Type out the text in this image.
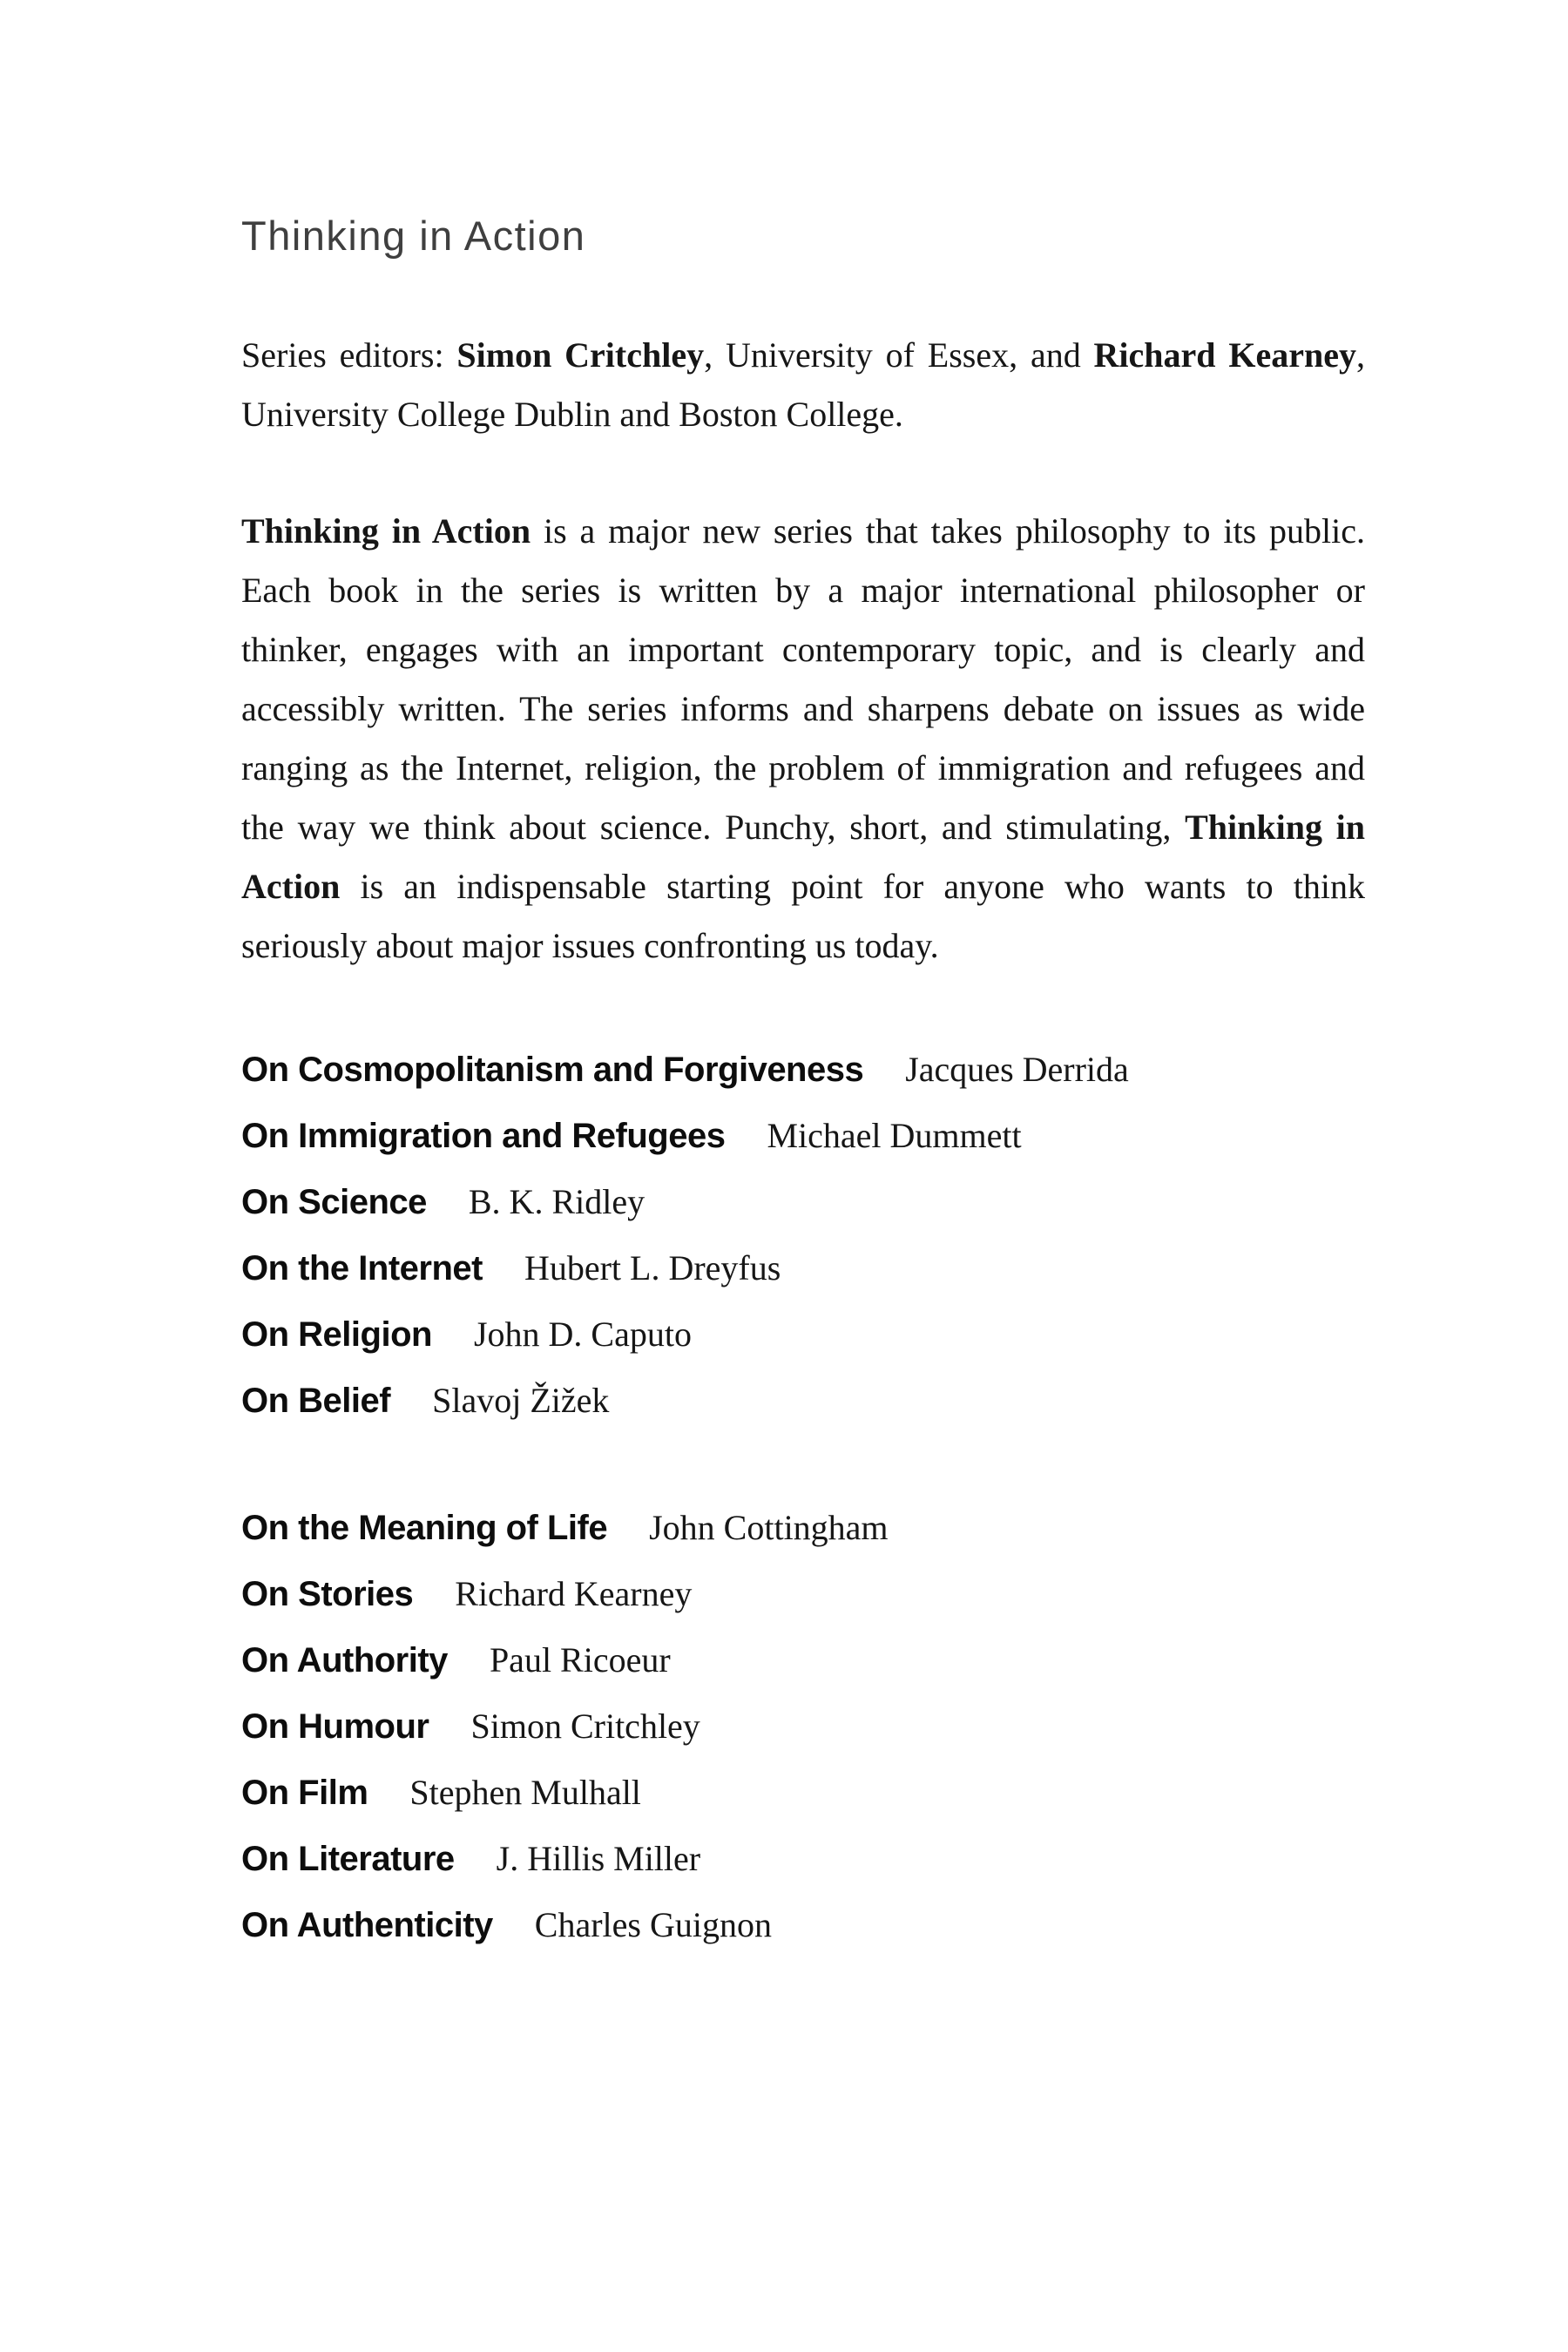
Thinking in Action

Series editors: Simon Critchley, University of Essex, and Richard Kearney, University College Dublin and Boston College.

Thinking in Action is a major new series that takes philosophy to its public. Each book in the series is written by a major international philosopher or thinker, engages with an important contemporary topic, and is clearly and accessibly written. The series informs and sharpens debate on issues as wide ranging as the Internet, religion, the problem of immigration and refugees and the way we think about science. Punchy, short, and stimulating, Thinking in Action is an indispensable starting point for anyone who wants to think seriously about major issues confronting us today.

On Cosmopolitanism and Forgiveness Jacques Derrida
On Immigration and Refugees Michael Dummett
On Science B. K. Ridley
On the Internet Hubert L. Dreyfus
On Religion John D. Caputo
On Belief Slavoj Žižek
On the Meaning of Life John Cottingham
On Stories Richard Kearney
On Authority Paul Ricoeur
On Humour Simon Critchley
On Film Stephen Mulhall
On Literature J. Hillis Miller
On Authenticity Charles Guignon
